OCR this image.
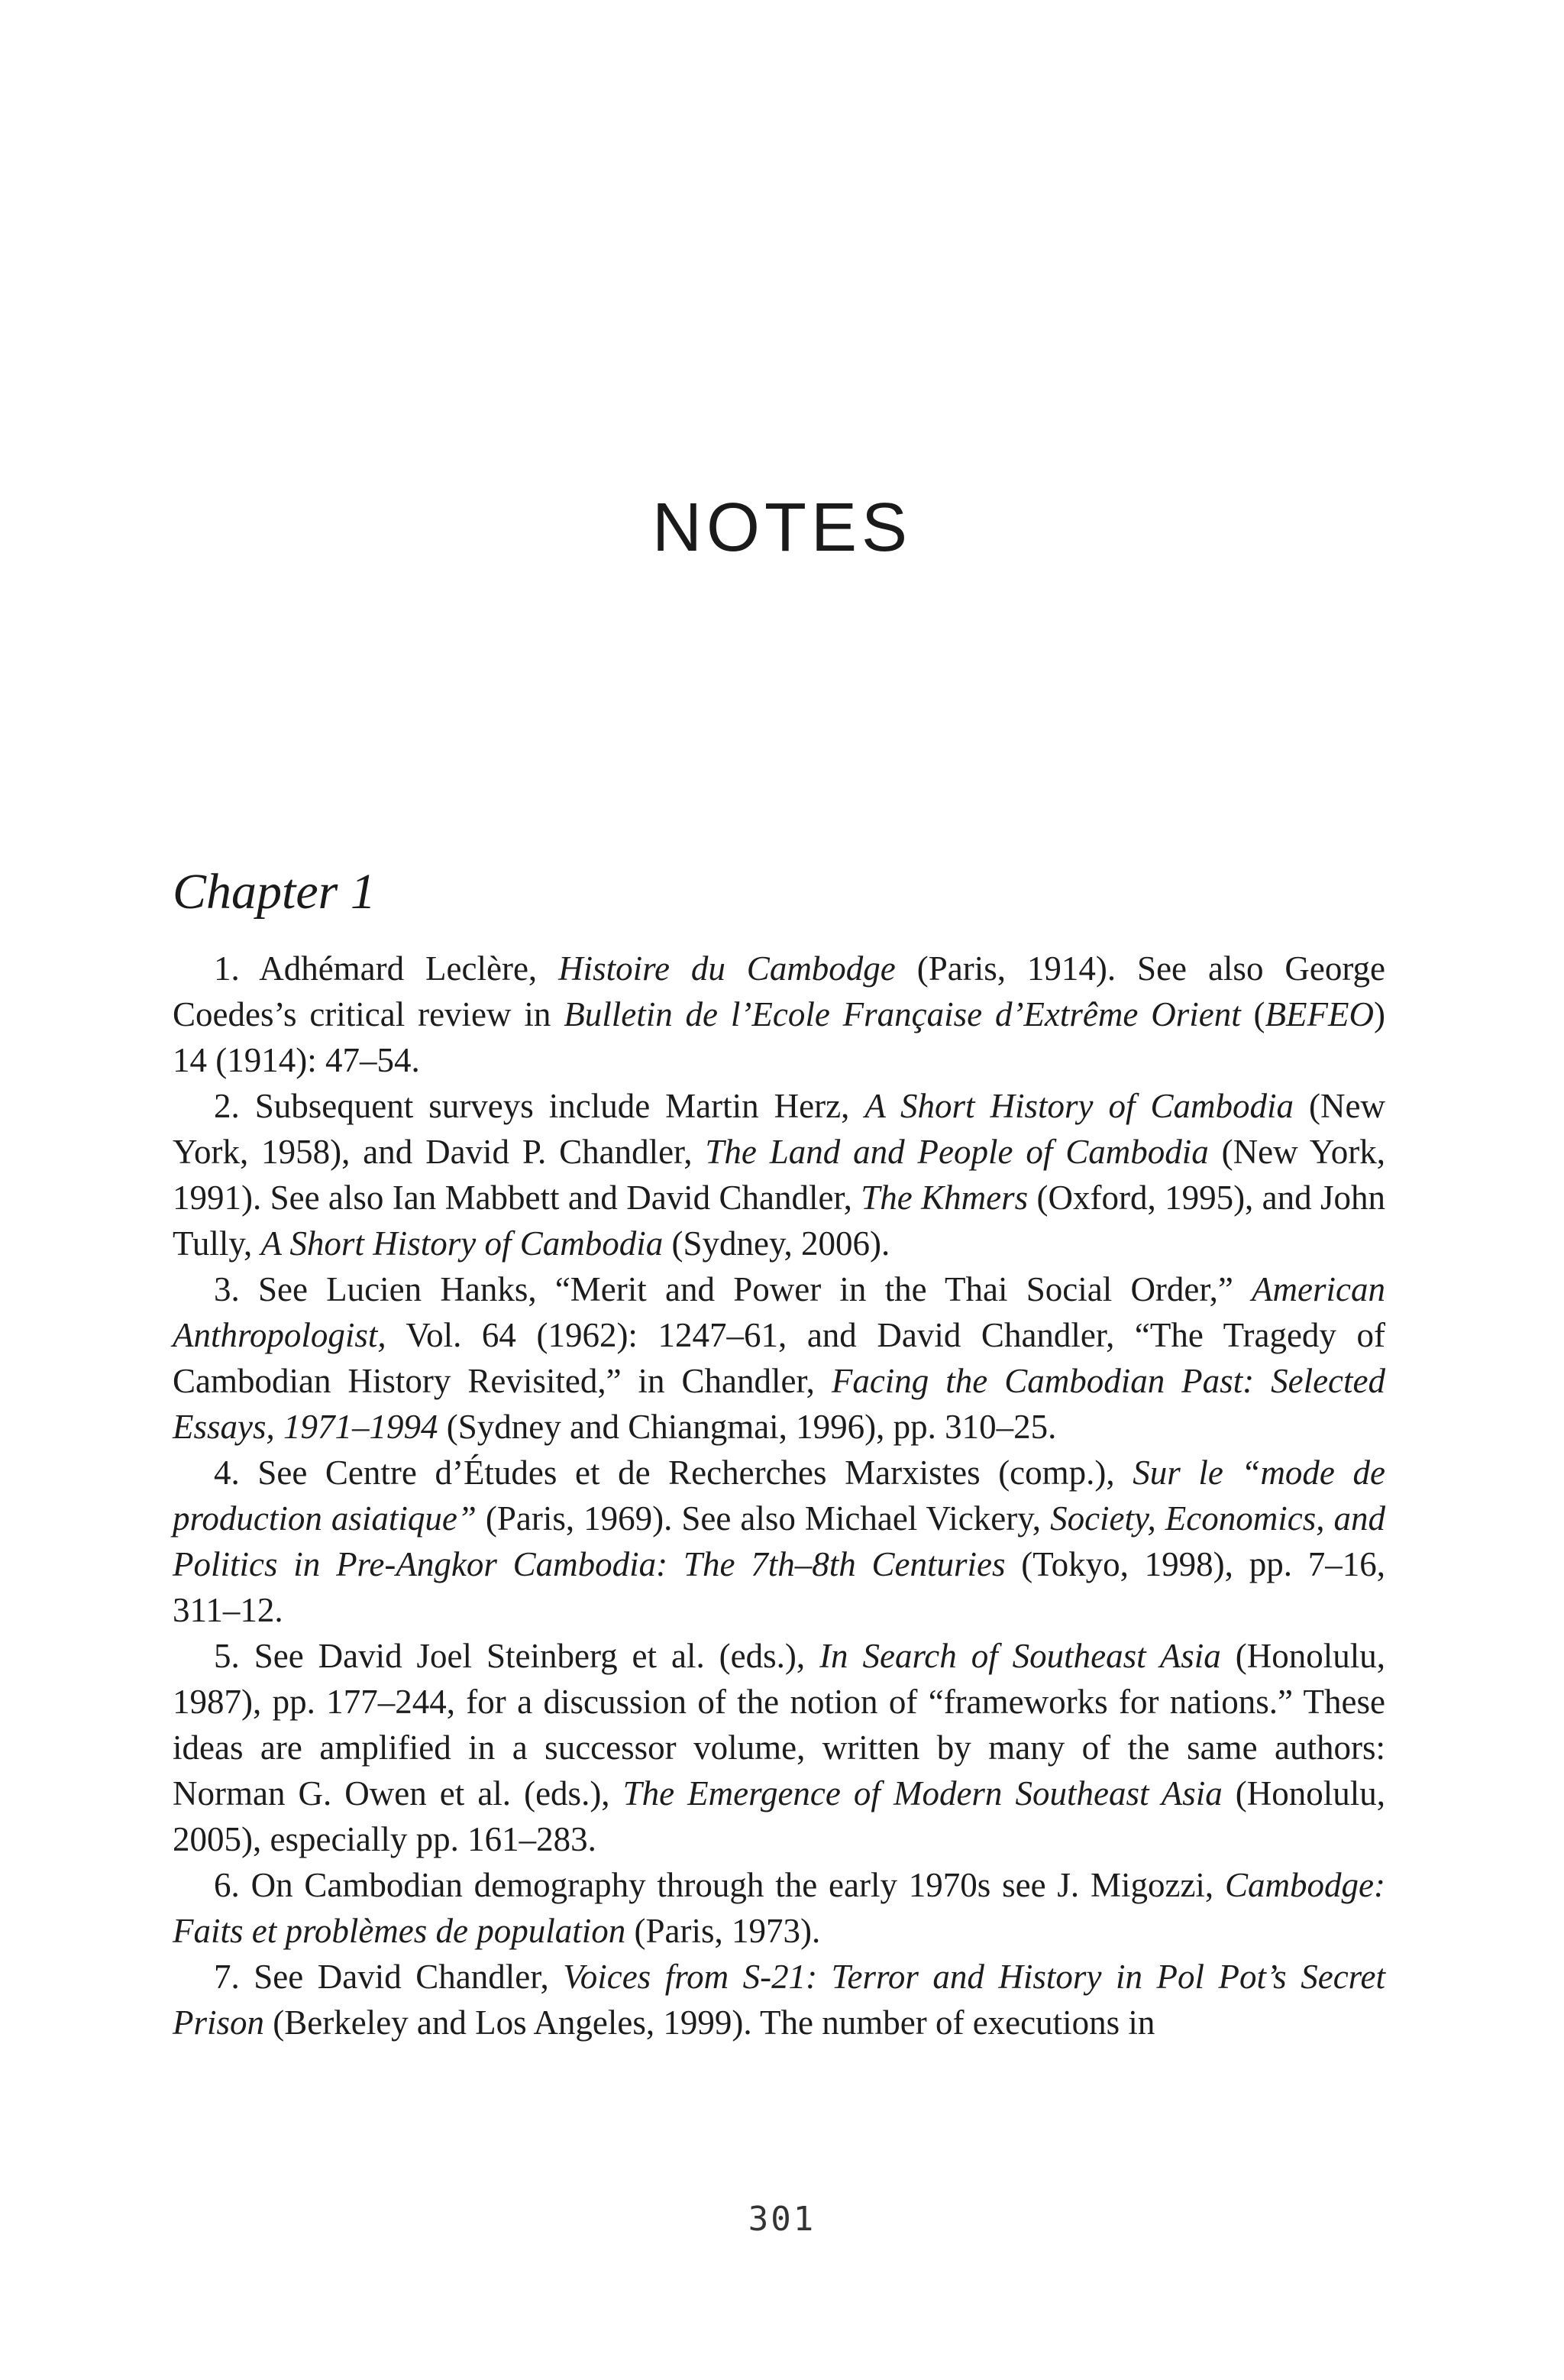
NOTES
Chapter 1

1. Adhémard Leclère, Histoire du Cambodge (Paris, 1914). See also George Coedes’s critical review in Bulletin de l’Ecole Française d’Extrême Orient (BEFEO) 14 (1914): 47–54.

2. Subsequent surveys include Martin Herz, A Short History of Cambodia (New York, 1958), and David P. Chandler, The Land and People of Cambodia (New York, 1991). See also Ian Mabbett and David Chandler, The Khmers (Oxford, 1995), and John Tully, A Short History of Cambodia (Sydney, 2006).

3. See Lucien Hanks, “Merit and Power in the Thai Social Order,” American Anthropologist, Vol. 64 (1962): 1247–61, and David Chandler, “The Tragedy of Cambodian History Revisited,” in Chandler, Facing the Cambodian Past: Selected Essays, 1971–1994 (Sydney and Chiangmai, 1996), pp. 310–25.

4. See Centre d’Études et de Recherches Marxistes (comp.), Sur le “mode de production asiatique” (Paris, 1969). See also Michael Vickery, Society, Economics, and Politics in Pre-Angkor Cambodia: The 7th–8th Centuries (Tokyo, 1998), pp. 7–16, 311–12.

5. See David Joel Steinberg et al. (eds.), In Search of Southeast Asia (Honolulu, 1987), pp. 177–244, for a discussion of the notion of “frameworks for nations.” These ideas are amplified in a successor volume, written by many of the same authors: Norman G. Owen et al. (eds.), The Emergence of Modern Southeast Asia (Honolulu, 2005), especially pp. 161–283.

6. On Cambodian demography through the early 1970s see J. Migozzi, Cambodge: Faits et problèmes de population (Paris, 1973).

7. See David Chandler, Voices from S-21: Terror and History in Pol Pot’s Secret Prison (Berkeley and Los Angeles, 1999). The number of executions in

301
